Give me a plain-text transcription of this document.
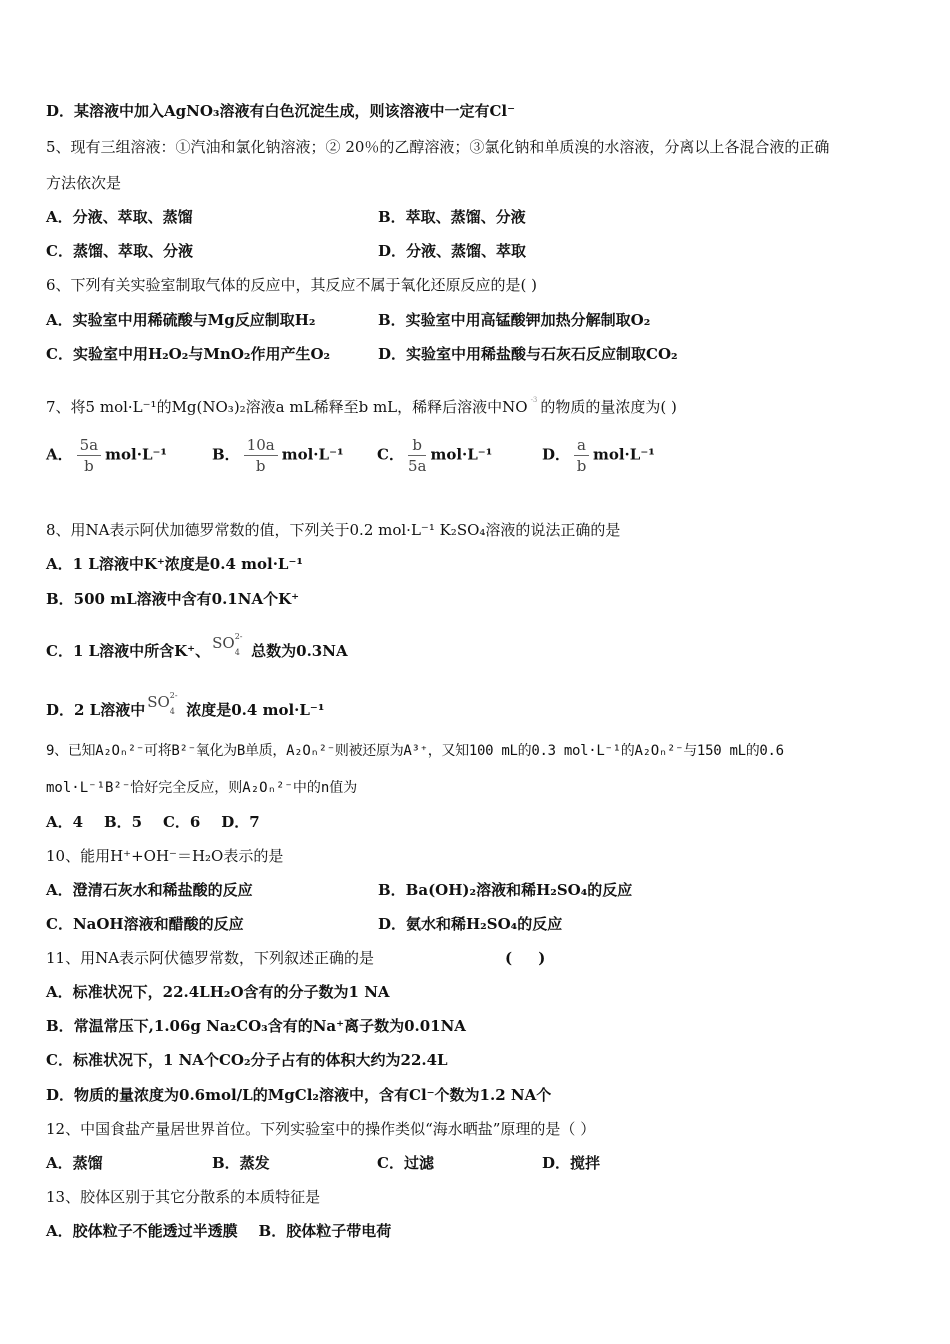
D．某溶液中加入AgNO₃溶液有白色沉淀生成，则该溶液中一定有Cl⁻
5、现有三组溶液：①汽油和氯化钠溶液；② 20％的乙醇溶液；③氯化钠和单质溴的水溶液，分离以上各混合液的正确
方法依次是
A．分液、萃取、蒸馏	B．萃取、蒸馏、分液
C．蒸馏、萃取、分液	D．分液、蒸馏、萃取
6、下列有关实验室制取气体的反应中，其反应不属于氧化还原反应的是( )
A．实验室中用稀硫酸与Mg反应制取H₂	B．实验室中用高锰酸钾加热分解制取O₂
C．实验室中用H₂O₂与MnO₂作用产生O₂	D．实验室中用稀盐酸与石灰石反应制取CO₂
7、将5 mol·L⁻¹的Mg(NO₃)₂溶液a mL稀释至b mL，稀释后溶液中NO -3 的物质的量浓度为( )
A． $\frac{5a}{b} mol\cdot L^{-1}$	B． $\frac{10a}{b} mol\cdot L^{-1}$ C． $\frac{b}{5a} mol\cdot L^{-1}$	D． $\frac{a}{b} mol\cdot L^{-1}$
8、用NA表示阿伏加德罗常数的值，下列关于0.2 mol·L⁻¹ K₂SO₄溶液的说法正确的是
A．1 L溶液中K⁺浓度是0.4 mol·L⁻¹
B．500 mL溶液中含有0.1NA个K⁺
C．1 L溶液中所含K⁺、 SO 2-
4 总数为0.3NA
D．2 L溶液中 SO 2-
4 浓度是0.4 mol·L⁻¹
9、已知A₂Oₙ²⁻可将B²⁻氧化为B单质，A₂Oₙ²⁻则被还原为A³⁺，又知100 mL的0.3 mol·L⁻¹的A₂Oₙ²⁻与150 mL的0.6
mol·L⁻¹B²⁻恰好完全反应，则A₂Oₙ²⁻中的n值为
A．4    B．5    C．6    D．7
10、能用H⁺+OH⁻＝H₂O表示的是
A．澄清石灰水和稀盐酸的反应	B．Ba(OH)₂溶液和稀H₂SO₄的反应
C．NaOH溶液和醋酸的反应	D．氨水和稀H₂SO₄的反应
11、用NA表示阿伏德罗常数，下列叙述正确的是	(     )
A．标准状况下，22.4LH₂O含有的分子数为1 NA
B．常温常压下,1.06g Na₂CO₃含有的Na⁺离子数为0.01NA
C．标准状况下，1 NA个CO₂分子占有的体积大约为22.4L
D．物质的量浓度为0.6mol/L的MgCl₂溶液中，含有Cl⁻个数为1.2 NA个
12、中国食盐产量居世界首位。下列实验室中的操作类似“海水晒盐”原理的是（ ）
A．蒸馏	B．蒸发	C．过滤	D．搅拌
13、胶体区别于其它分散系的本质特征是
A．胶体粒子不能透过半透膜    B．胶体粒子带电荷
